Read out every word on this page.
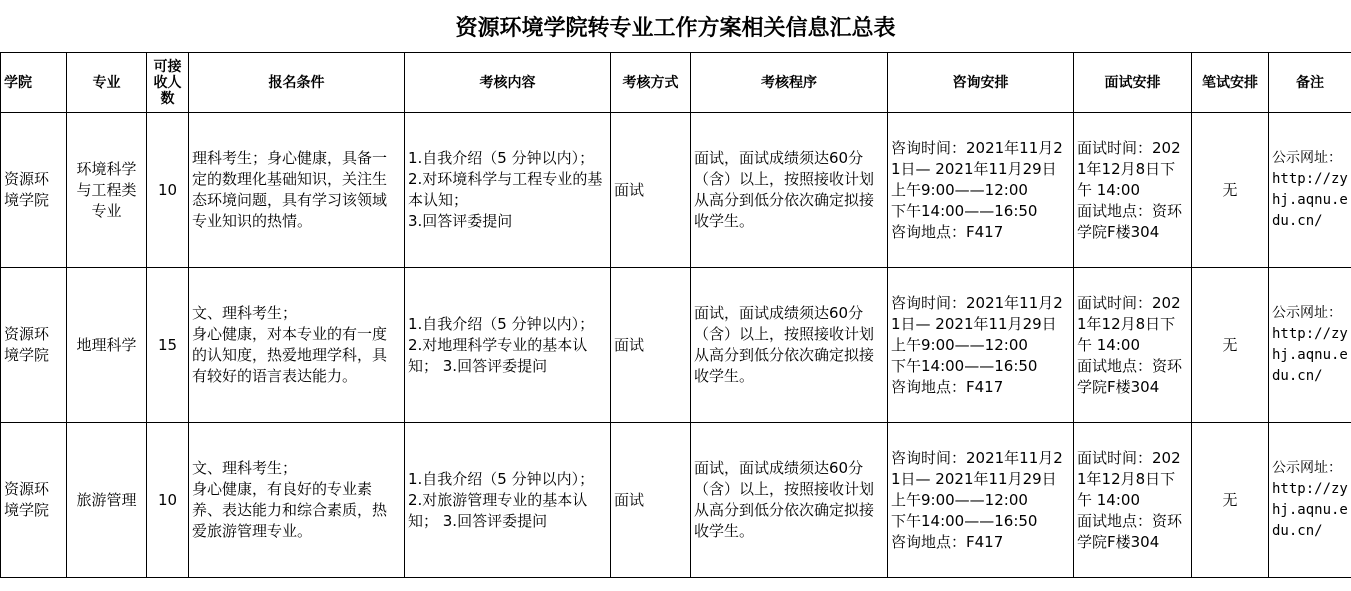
资源环境学院转专业工作方案相关信息汇总表
学院	专业	可接收人数	报名条件	考核内容	考核方式	考核程序	咨询安排	面试安排	笔试安排	备注
资源环境学院	环境科学与工程类专业	10	理科考生；身心健康，具备一定的数理化基础知识，关注生态环境问题，具有学习该领域专业知识的热情。	1.自我介绍（5 分钟以内）；
2.对环境科学与工程专业的基本认知；
3.回答评委提问	面试	面试，面试成绩须达60分（含）以上，按照接收计划从高分到低分依次确定拟接收学生。	咨询时间：2021年11月21日— 2021年11月29日 上午9:00——12:00
下午14:00——16:50
咨询地点：F417	面试时间：2021年12月8日下午 14:00
面试地点：资环学院F楼304	无	公示网址：http://zyhj.aqnu.edu.cn/
资源环境学院	地理科学	15	文、理科考生；
身心健康，对本专业的有一度的认知度，热爱地理学科，具有较好的语言表达能力。	1.自我介绍（5 分钟以内）；
2.对地理科学专业的基本认知； 3.回答评委提问	面试	面试，面试成绩须达60分（含）以上，按照接收计划从高分到低分依次确定拟接收学生。	咨询时间：2021年11月21日— 2021年11月29日 上午9:00——12:00
下午14:00——16:50
咨询地点：F417	面试时间：2021年12月8日下午 14:00
面试地点：资环学院F楼304	无	公示网址：http://zyhj.aqnu.edu.cn/
资源环境学院	旅游管理	10	文、理科考生；
身心健康，有良好的专业素养、表达能力和综合素质，热爱旅游管理专业。	1.自我介绍（5 分钟以内）；
2.对旅游管理专业的基本认知； 3.回答评委提问	面试	面试，面试成绩须达60分（含）以上，按照接收计划从高分到低分依次确定拟接收学生。	咨询时间：2021年11月21日— 2021年11月29日 上午9:00——12:00
下午14:00——16:50
咨询地点：F417	面试时间：2021年12月8日下午 14:00
面试地点：资环学院F楼304	无	公示网址：http://zyhj.aqnu.edu.cn/
